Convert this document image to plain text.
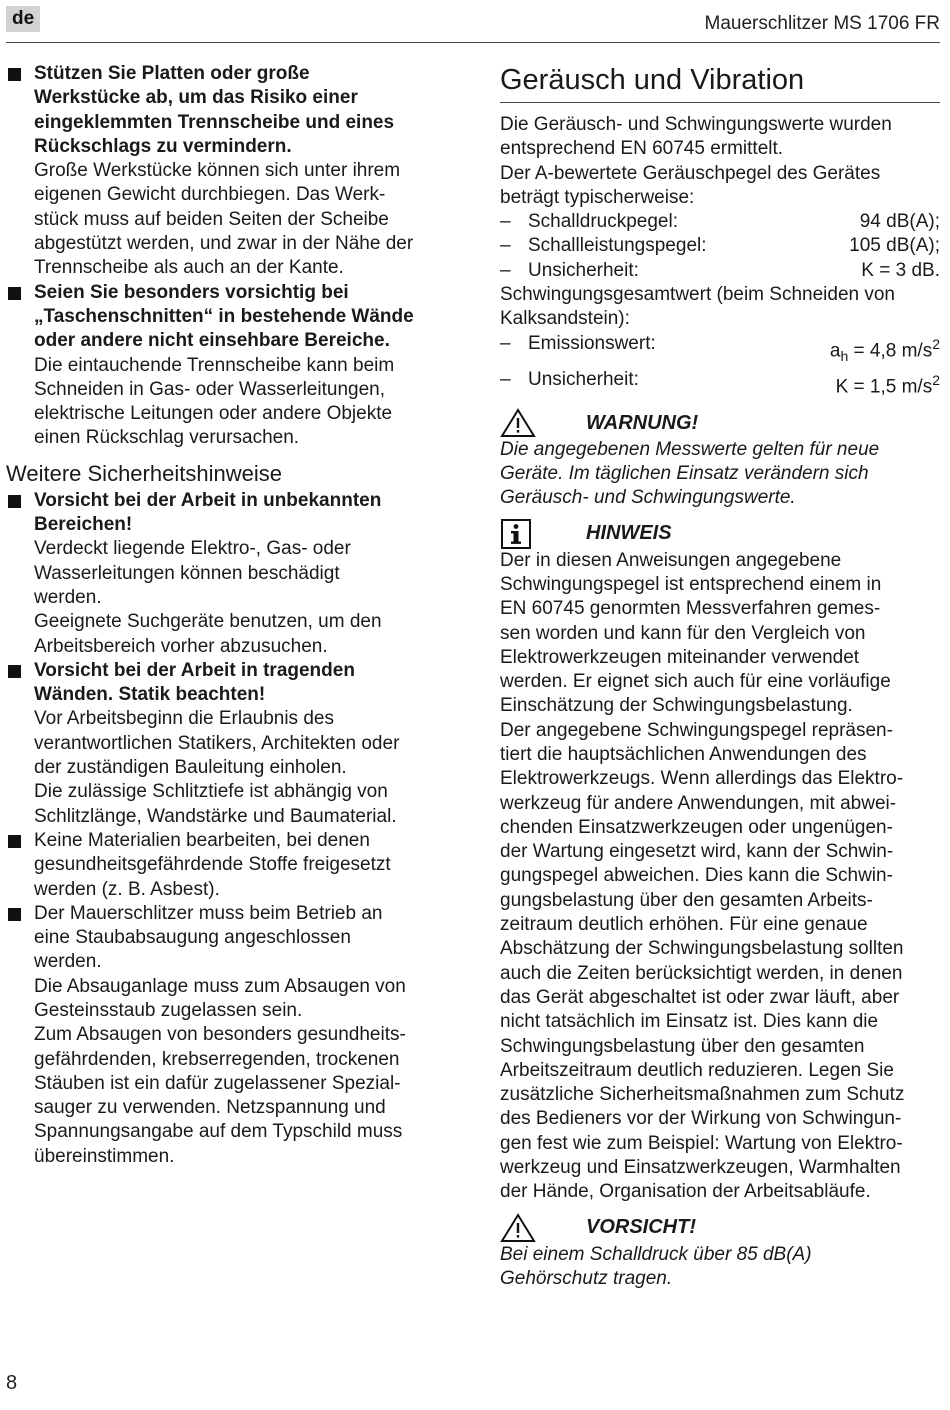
de	Mauerschlitzer MS 1706 FR
Stützen Sie Platten oder große
Werkstücke ab, um das Risiko einer
eingeklemmten Trennscheibe und eines
Rückschlags zu vermindern.
Große Werkstücke können sich unter ihrem
eigenen Gewicht durchbiegen. Das Werk-
stück muss auf beiden Seiten der Scheibe
abgestützt werden, und zwar in der Nähe der
Trennscheibe als auch an der Kante.
Seien Sie besonders vorsichtig bei
„Taschenschnitten“ in bestehende Wände
oder andere nicht einsehbare Bereiche.
Die eintauchende Trennscheibe kann beim
Schneiden in Gas- oder Wasserleitungen,
elektrische Leitungen oder andere Objekte
einen Rückschlag verursachen.
Weitere Sicherheitshinweise
Vorsicht bei der Arbeit in unbekannten
Bereichen!
Verdeckt liegende Elektro-, Gas- oder
Wasserleitungen können beschädigt
werden.
Geeignete Suchgeräte benutzen, um den
Arbeitsbereich vorher abzusuchen.
Vorsicht bei der Arbeit in tragenden
Wänden. Statik beachten!
Vor Arbeitsbeginn die Erlaubnis des
verantwortlichen Statikers, Architekten oder
der zuständigen Bauleitung einholen.
Die zulässige Schlitztiefe ist abhängig von
Schlitzlänge, Wandstärke und Baumaterial.
Keine Materialien bearbeiten, bei denen
gesundheitsgefährdende Stoffe freigesetzt
werden (z. B. Asbest).
Der Mauerschlitzer muss beim Betrieb an
eine Staubabsaugung angeschlossen
werden.
Die Absauganlage muss zum Absaugen von
Gesteinsstaub zugelassen sein.
Zum Absaugen von besonders gesundheits-
gefährdenden, krebserregenden, trockenen
Stäuben ist ein dafür zugelassener Spezial-
sauger zu verwenden. Netzspannung und
Spannungsangabe auf dem Typschild muss
übereinstimmen.
Geräusch und Vibration
Die Geräusch- und Schwingungswerte wurden
entsprechend EN 60745 ermittelt.
Der A-bewertete Geräuschpegel des Gerätes
beträgt typischerweise:
– Schalldruckpegel:	94 dB(A);
– Schallleistungspegel:	105 dB(A);
– Unsicherheit:	K = 3 dB.
Schwingungsgesamtwert (beim Schneiden von
Kalksandstein):
– Emissionswert:	$a_h = 4,8$ $m/s^2$
– Unsicherheit:	K = 1,5 $m/s^2$
WARNUNG!
Die angegebenen Messwerte gelten für neue
Geräte. Im täglichen Einsatz verändern sich
Geräusch- und Schwingungswerte.
HINWEIS
Der in diesen Anweisungen angegebene
Schwingungspegel ist entsprechend einem in
EN 60745 genormten Messverfahren gemes-
sen worden und kann für den Vergleich von
Elektrowerkzeugen miteinander verwendet
werden. Er eignet sich auch für eine vorläufige
Einschätzung der Schwingungsbelastung.
Der angegebene Schwingungspegel repräsen-
tiert die hauptsächlichen Anwendungen des
Elektrowerkzeugs. Wenn allerdings das Elektro-
werkzeug für andere Anwendungen, mit abwei-
chenden Einsatzwerkzeugen oder ungenügen-
der Wartung eingesetzt wird, kann der Schwin-
gungspegel abweichen. Dies kann die Schwin-
gungsbelastung über den gesamten Arbeits-
zeitraum deutlich erhöhen. Für eine genaue
Abschätzung der Schwingungsbelastung sollten
auch die Zeiten berücksichtigt werden, in denen
das Gerät abgeschaltet ist oder zwar läuft, aber
nicht tatsächlich im Einsatz ist. Dies kann die
Schwingungsbelastung über den gesamten
Arbeitszeitraum deutlich reduzieren. Legen Sie
zusätzliche Sicherheitsmaßnahmen zum Schutz
des Bedieners vor der Wirkung von Schwingun-
gen fest wie zum Beispiel: Wartung von Elektro-
werkzeug und Einsatzwerkzeugen, Warmhalten
der Hände, Organisation der Arbeitsabläufe.
VORSICHT!
Bei einem Schalldruck über 85 dB(A)
Gehörschutz tragen.
8
